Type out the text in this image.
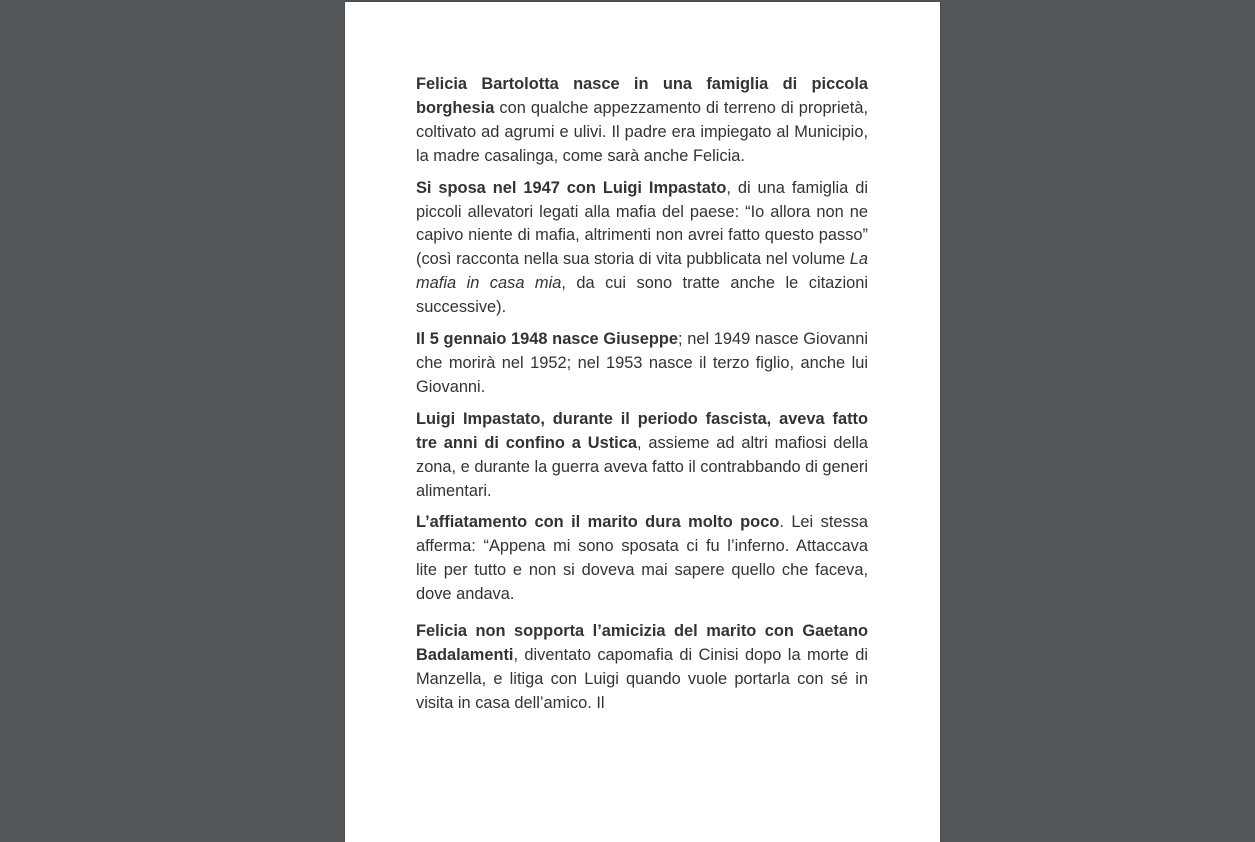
Felicia Bartolotta nasce in una famiglia di piccola borghesia con qualche appezzamento di terreno di proprietà, coltivato ad agrumi e ulivi. Il padre era impiegato al Municipio, la madre casalinga, come sarà anche Felicia.

Si sposa nel 1947 con Luigi Impastato, di una famiglia di piccoli allevatori legati alla mafia del paese: “Io allora non ne capivo niente di mafia, altrimenti non avrei fatto questo passo” (così racconta nella sua storia di vita pubblicata nel volume La mafia in casa mia, da cui sono tratte anche le citazioni successive).

Il 5 gennaio 1948 nasce Giuseppe; nel 1949 nasce Giovanni che morirà nel 1952; nel 1953 nasce il terzo figlio, anche lui Giovanni.

Luigi Impastato, durante il periodo fascista, aveva fatto tre anni di confino a Ustica, assieme ad altri mafiosi della zona, e durante la guerra aveva fatto il contrabbando di generi alimentari.

L’affiatamento con il marito dura molto poco. Lei stessa afferma: “Appena mi sono sposata ci fu l’inferno. Attaccava lite per tutto e non si doveva mai sapere quello che faceva, dove andava.

Felicia non sopporta l’amicizia del marito con Gaetano Badalamenti, diventato capomafia di Cinisi dopo la morte di Manzella, e litiga con Luigi quando vuole portarla con sé in visita in casa dell’amico. Il
